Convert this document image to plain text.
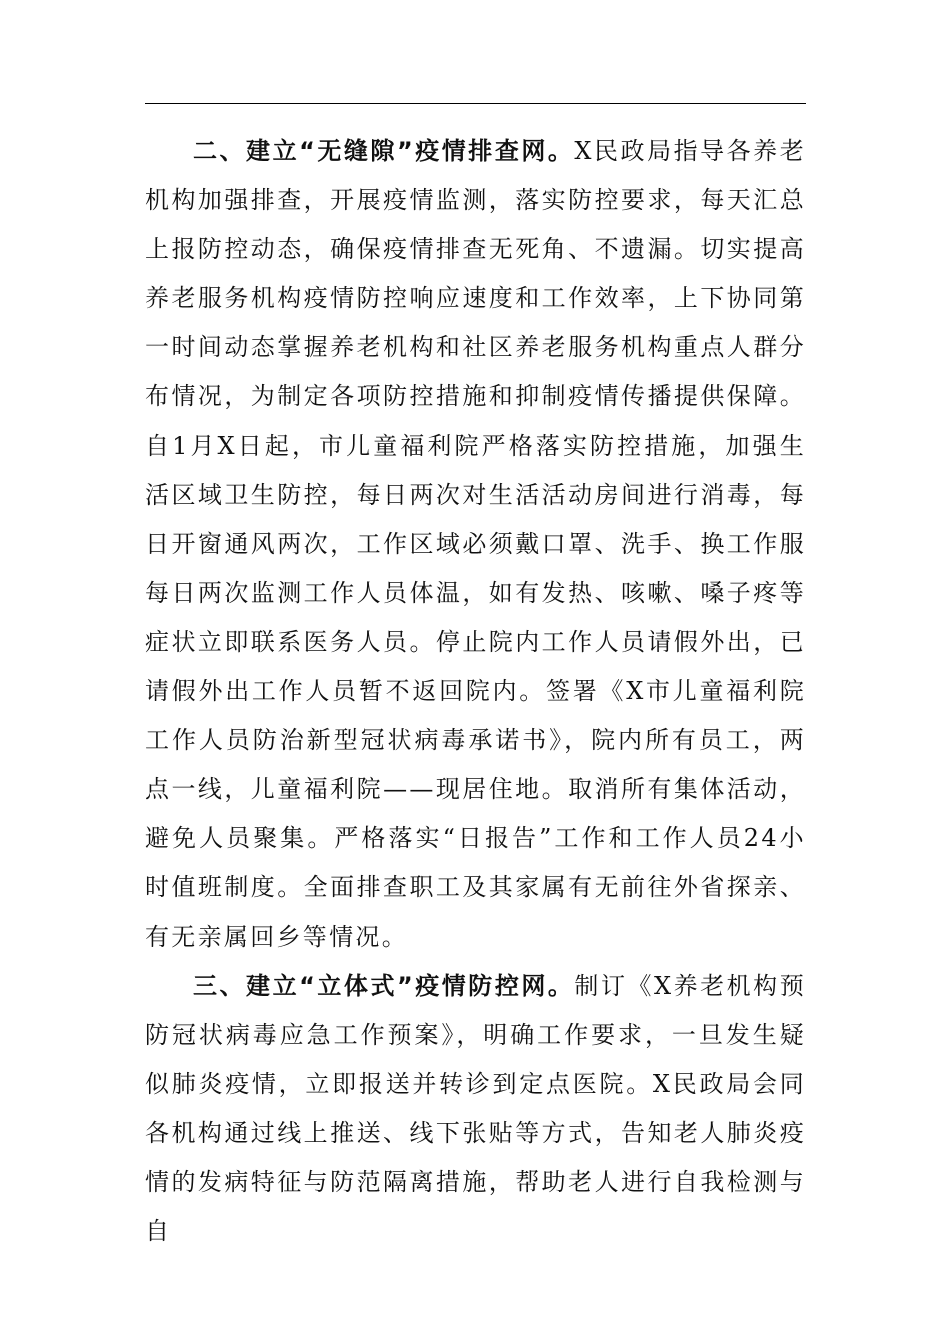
二、建立“无缝隙”疫情排查网。X民政局指导各养老机构加强排查，开展疫情监测，落实防控要求，每天汇总上报防控动态，确保疫情排查无死角、不遗漏。切实提高养老服务机构疫情防控响应速度和工作效率，上下协同第一时间动态掌握养老机构和社区养老服务机构重点人群分布情况，为制定各项防控措施和抑制疫情传播提供保障。自1月X日起，市儿童福利院严格落实防控措施，加强生活区域卫生防控，每日两次对生活活动房间进行消毒，每日开窗通风两次，工作区域必须戴口罩、洗手、换工作服每日两次监测工作人员体温，如有发热、咳嗽、嗓子疼等症状立即联系医务人员。停止院内工作人员请假外出，已请假外出工作人员暂不返回院内。签署《X市儿童福利院工作人员防治新型冠状病毒承诺书》，院内所有员工，两点一线，儿童福利院——现居住地。取消所有集体活动，避免人员聚集。严格落实“日报告”工作和工作人员24小时值班制度。全面排查职工及其家属有无前往外省探亲、有无亲属回乡等情况。

三、建立“立体式”疫情防控网。制订《X养老机构预防冠状病毒应急工作预案》，明确工作要求，一旦发生疑似肺炎疫情，立即报送并转诊到定点医院。X民政局会同各机构通过线上推送、线下张贴等方式，告知老人肺炎疫情的发病特征与防范隔离措施，帮助老人进行自我检测与自
